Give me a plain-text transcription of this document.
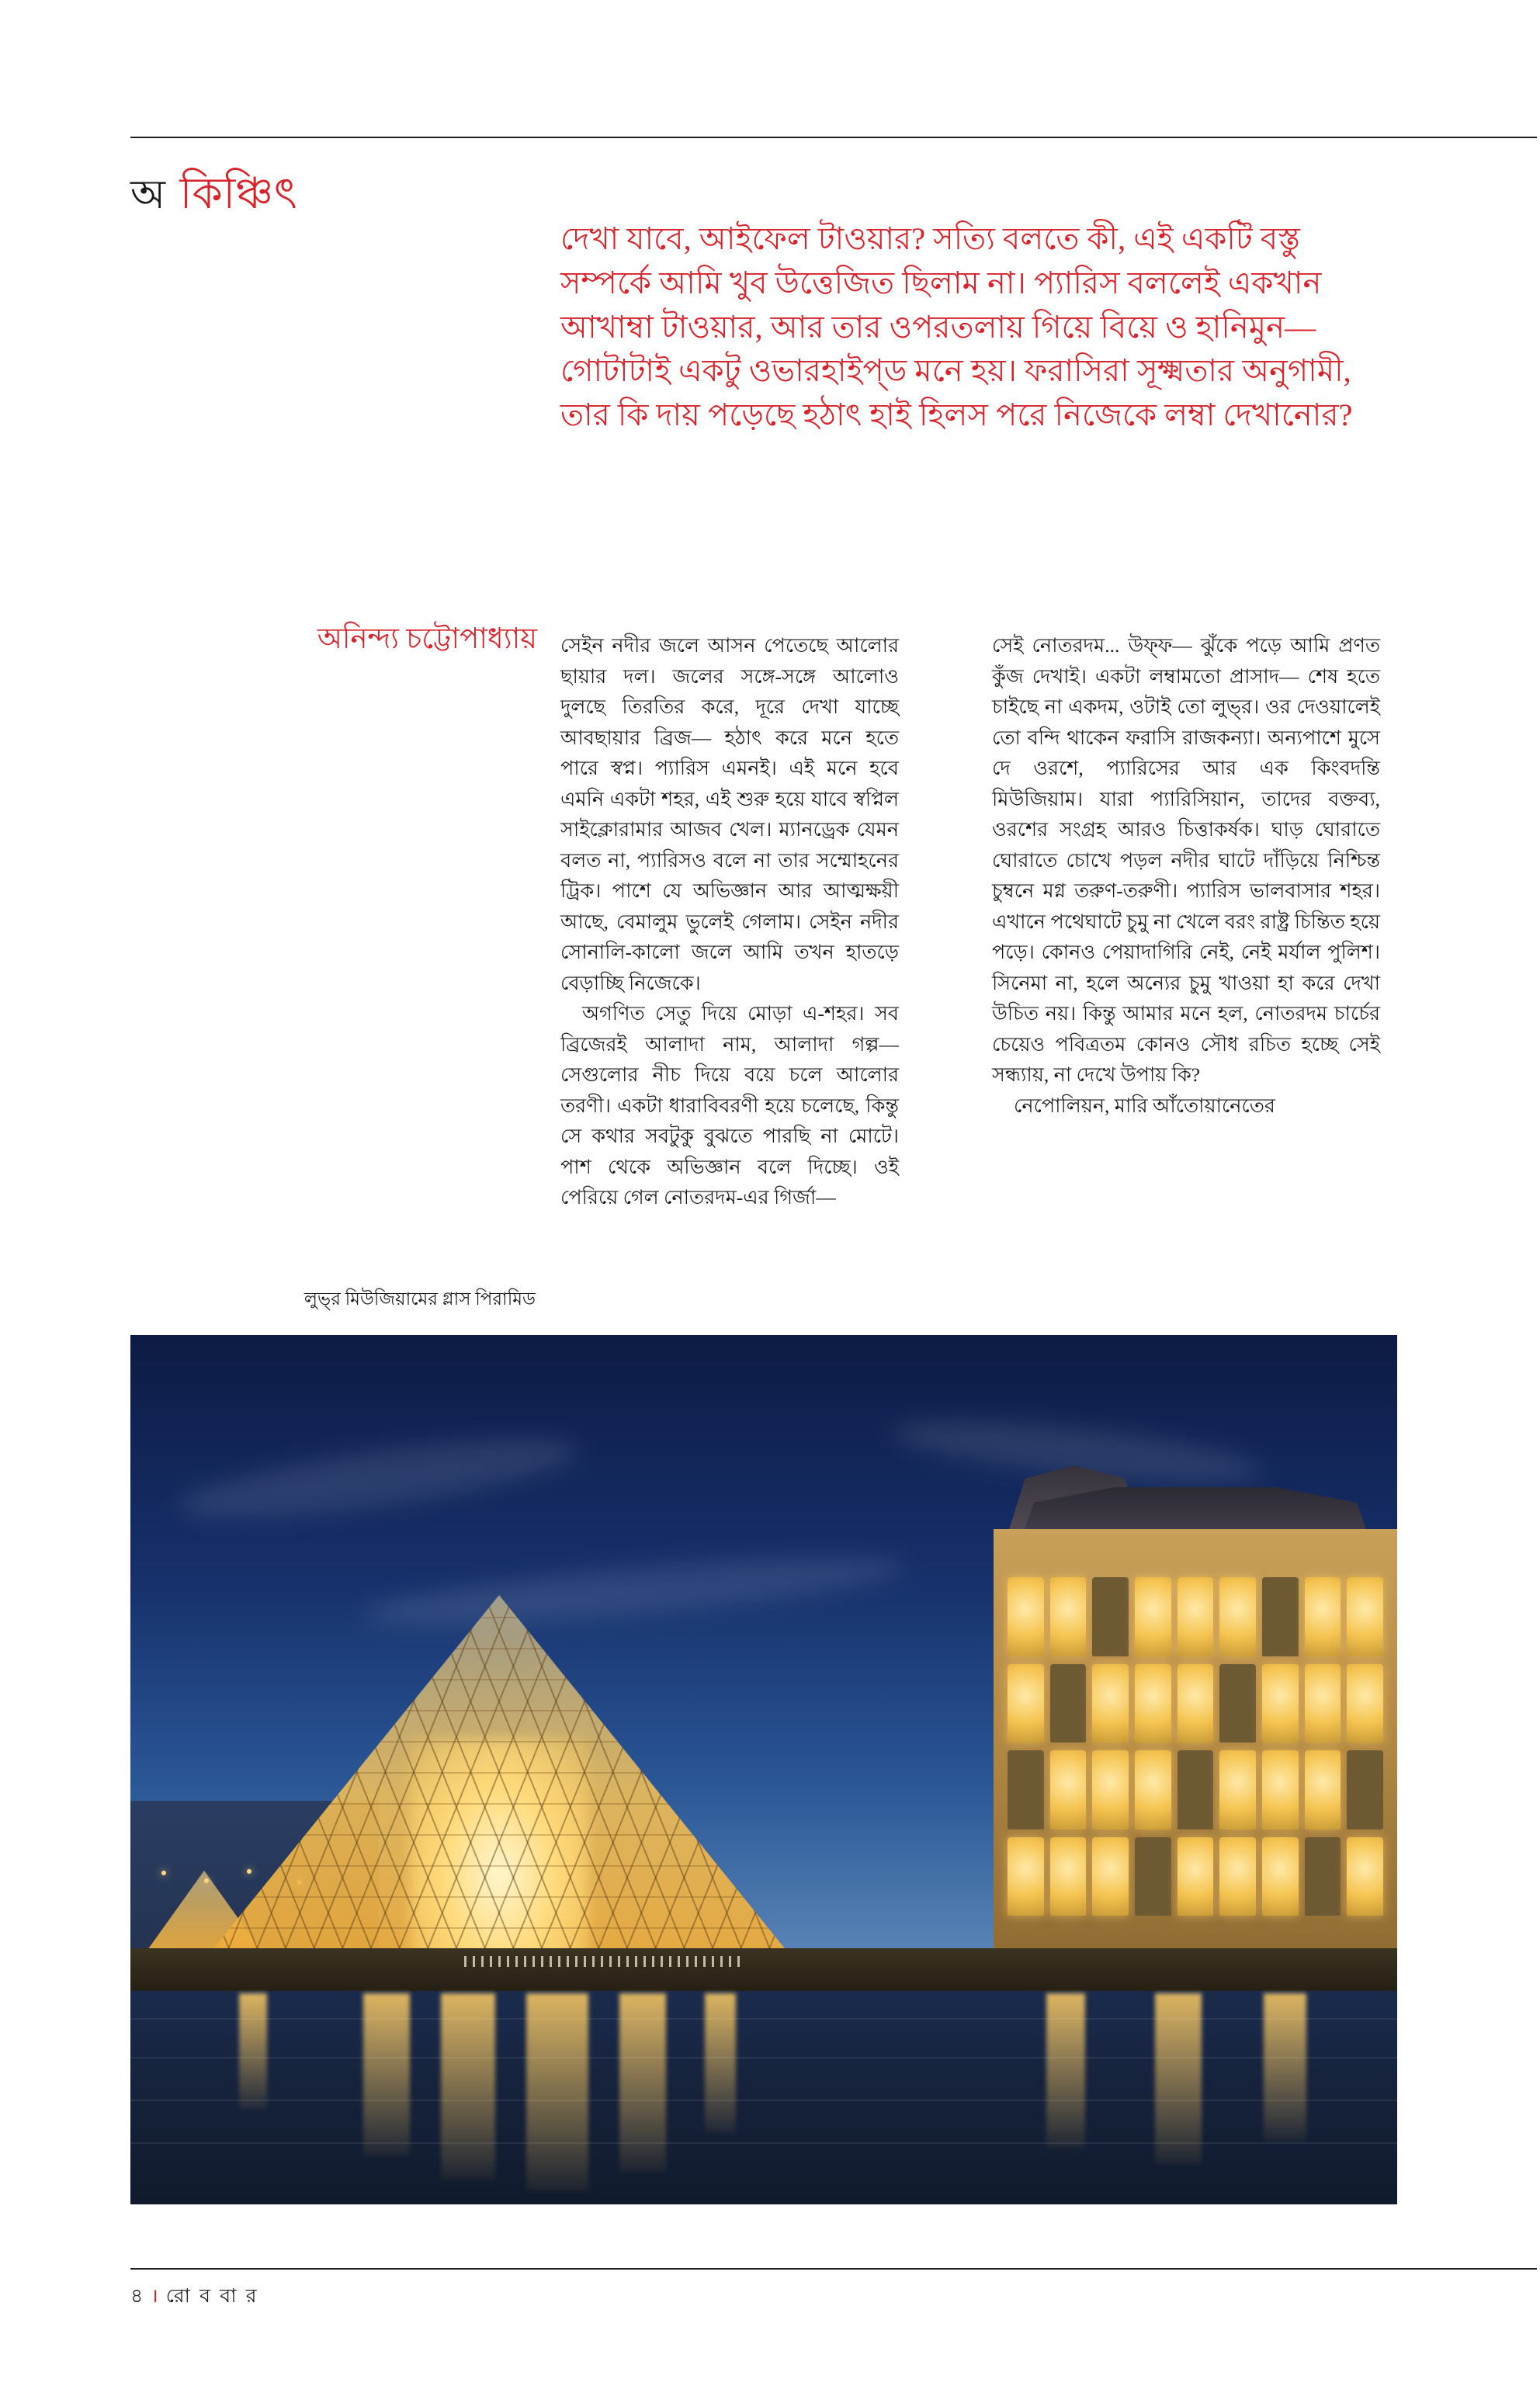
অ কিঞ্চিৎ
দেখা যাবে, আইফেল টাওয়ার? সত্যি বলতে কী, এই একটি বস্তু সম্পর্কে আমি খুব উত্তেজিত ছিলাম না। প্যারিস বললেই একখান আখাম্বা টাওয়ার, আর তার ওপরতলায় গিয়ে বিয়ে ও হানিমুন— গোটাটাই একটু ওভারহাইপ্‌ড মনে হয়। ফরাসিরা সূক্ষ্মতার অনুগামী, তার কি দায় পড়েছে হঠাৎ হাই হিলস পরে নিজেকে লম্বা দেখানোর?
অনিন্দ্য চট্টোপাধ্যায় সেইন নদীর জলে আসন পেতেছে আলোর ছায়ার দল। জলের সঙ্গে-সঙ্গে আলোও দুলছে তিরতির করে, দূরে দেখা যাচ্ছে আবছায়ার ব্রিজ— হঠাৎ করে মনে হতে পারে স্বপ্ন। প্যারিস এমনই। এই মনে হবে এমনি একটা শহর, এই শুরু হয়ে যাবে স্বপ্নিল সাইক্লোরামার আজব খেল। ম্যানড্রেক যেমন বলত না, প্যারিসও বলে না তার সম্মোহনের ট্রিক। পাশে যে অভিজ্ঞান আর আত্মক্ষয়ী আছে, বেমালুম ভুলেই গেলাম। সেইন নদীর সোনালি-কালো জলে আমি তখন হাতড়ে বেড়াচ্ছি নিজেকে।

অগণিত সেতু দিয়ে মোড়া এ-শহর। সব ব্রিজেরই আলাদা নাম, আলাদা গল্প— সেগুলোর নীচ দিয়ে বয়ে চলে আলোর তরণী। একটা ধারাবিবরণী হয়ে চলেছে, কিন্তু সে কথার সবটুকু বুঝতে পারছি না মোটে। পাশ থেকে অভিজ্ঞান বলে দিচ্ছে। ওই পেরিয়ে গেল নোতরদম-এর গির্জা—

সেই নোতরদম... উফ্‌ফ— ঝুঁকে পড়ে আমি প্রণত কুঁজ দেখাই। একটা লম্বামতো প্রাসাদ— শেষ হতে চাইছে না একদম, ওটাই তো লুভ্‌র। ওর দেওয়ালেই তো বন্দি থাকেন ফরাসি রাজকন্যা। অন্যপাশে মুসে দে ওরশে, প্যারিসের আর এক কিংবদন্তি মিউজিয়াম। যারা প্যারিসিয়ান, তাদের বক্তব্য, ওরশের সংগ্রহ আরও চিত্তাকর্ষক। ঘাড় ঘোরাতে ঘোরাতে চোখে পড়ল নদীর ঘাটে দাঁড়িয়ে নিশ্চিন্ত চুম্বনে মগ্ন তরুণ-তরুণী। প্যারিস ভালবাসার শহর। এখানে পথেঘাটে চুমু না খেলে বরং রাষ্ট্র চিন্তিত হয়ে পড়ে। কোনও পেয়াদাগিরি নেই, নেই মর্যাল পুলিশ। সিনেমা না, হলে অন্যের চুমু খাওয়া হা করে দেখা উচিত নয়। কিন্তু আমার মনে হল, নোতরদম চার্চের চেয়েও পবিত্রতম কোনও সৌধ রচিত হচ্ছে সেই সন্ধ্যায়, না দেখে উপায় কি?

নেপোলিয়ন, মারি আঁতোয়ানেতের

লুভ্‌র মিউজিয়ামের গ্লাস পিরামিড
৪ । রো ব বা র
